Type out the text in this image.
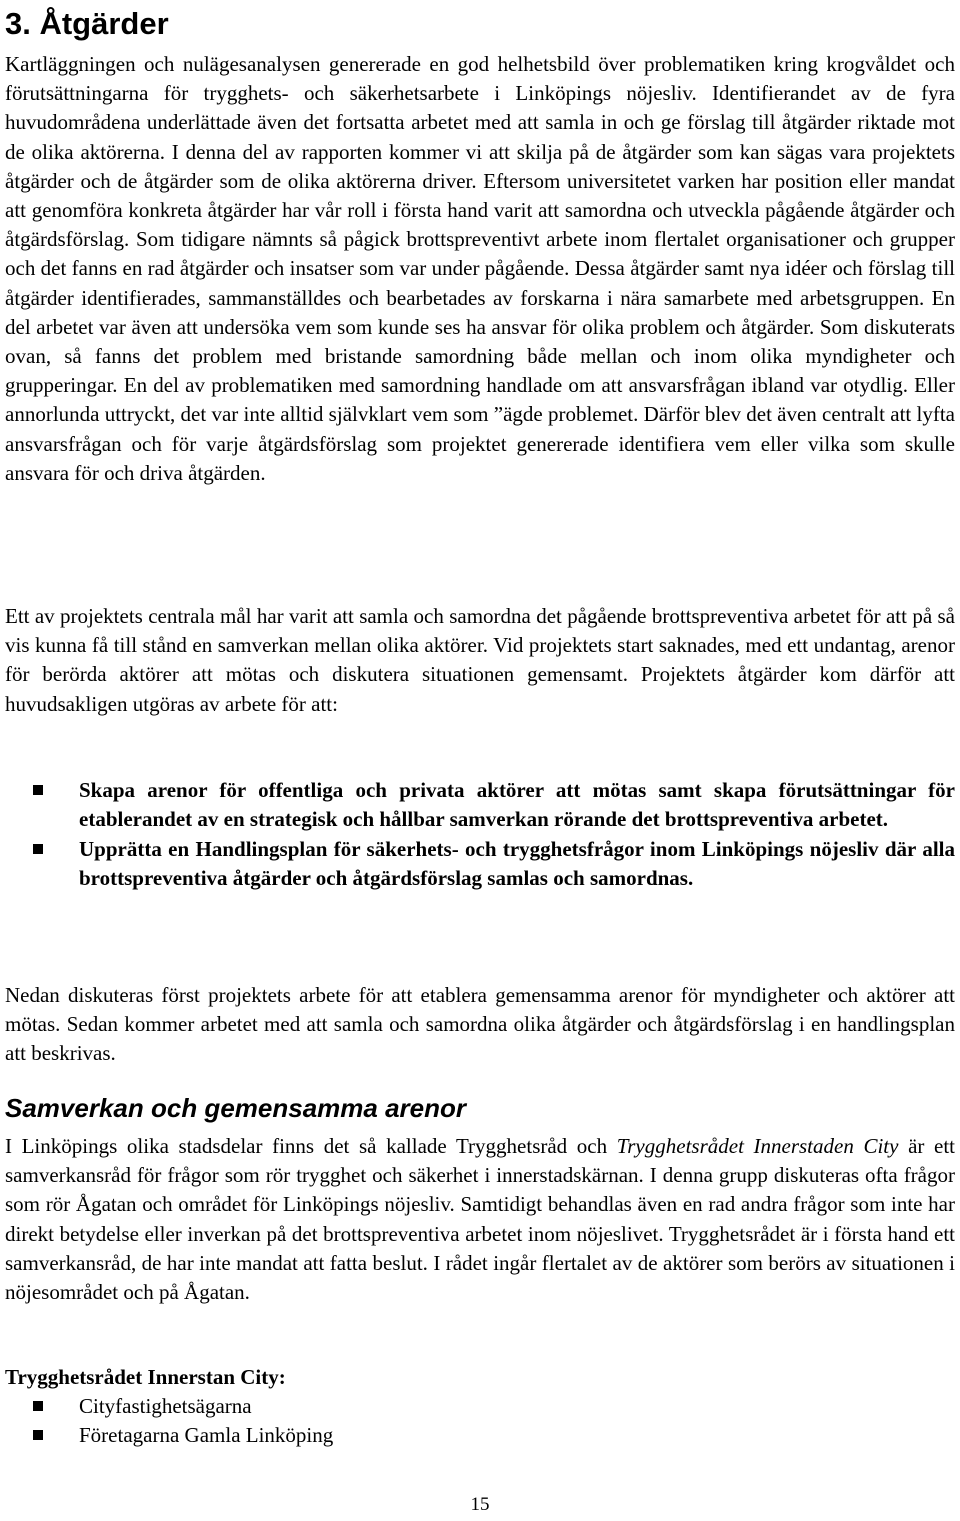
3. Åtgärder

Kartläggningen och nulägesanalysen genererade en god helhetsbild över problematiken kring krogvåldet och förutsättningarna för trygghets- och säkerhetsarbete i Linköpings nöjesliv. Identifierandet av de fyra huvudområdena underlättade även det fortsatta arbetet med att samla in och ge förslag till åtgärder riktade mot de olika aktörerna. I denna del av rapporten kommer vi att skilja på de åtgärder som kan sägas vara projektets åtgärder och de åtgärder som de olika aktörerna driver. Eftersom universitetet varken har position eller mandat att genomföra konkreta åtgärder har vår roll i första hand varit att samordna och utveckla pågående åtgärder och åtgärdsförslag. Som tidigare nämnts så pågick brottspreventivt arbete inom flertalet organisationer och grupper och det fanns en rad åtgärder och insatser som var under pågående. Dessa åtgärder samt nya idéer och förslag till åtgärder identifierades, sammanställdes och bearbetades av forskarna i nära samarbete med arbetsgruppen. En del arbetet var även att undersöka vem som kunde ses ha ansvar för olika problem och åtgärder. Som diskuterats ovan, så fanns det problem med bristande samordning både mellan och inom olika myndigheter och grupperingar. En del av problematiken med samordning handlade om att ansvarsfrågan ibland var otydlig. Eller annorlunda uttryckt, det var inte alltid självklart vem som ”ägde problemet. Därför blev det även centralt att lyfta ansvarsfrågan och för varje åtgärdsförslag som projektet genererade identifiera vem eller vilka som skulle ansvara för och driva åtgärden.

Ett av projektets centrala mål har varit att samla och samordna det pågående brottspreventiva arbetet för att på så vis kunna få till stånd en samverkan mellan olika aktörer. Vid projektets start saknades, med ett undantag, arenor för berörda aktörer att mötas och diskutera situationen gemensamt. Projektets åtgärder kom därför att huvudsakligen utgöras av arbete för att:

Skapa arenor för offentliga och privata aktörer att mötas samt skapa förutsättningar för etablerandet av en strategisk och hållbar samverkan rörande det brottspreventiva arbetet.
Upprätta en Handlingsplan för säkerhets- och trygghetsfrågor inom Linköpings nöjesliv där alla brottspreventiva åtgärder och åtgärdsförslag samlas och samordnas.

Nedan diskuteras först projektets arbete för att etablera gemensamma arenor för myndigheter och aktörer att mötas. Sedan kommer arbetet med att samla och samordna olika åtgärder och åtgärdsförslag i en handlingsplan att beskrivas.

Samverkan och gemensamma arenor

I Linköpings olika stadsdelar finns det så kallade Trygghetsråd och Trygghetsrådet Innerstaden City är ett samverkansråd för frågor som rör trygghet och säkerhet i innerstadskärnan. I denna grupp diskuteras ofta frågor som rör Ågatan och området för Linköpings nöjesliv. Samtidigt behandlas även en rad andra frågor som inte har direkt betydelse eller inverkan på det brottspreventiva arbetet inom nöjeslivet. Trygghetsrådet är i första hand ett samverkansråd, de har inte mandat att fatta beslut. I rådet ingår flertalet av de aktörer som berörs av situationen i nöjesområdet och på Ågatan.

Trygghetsrådet Innerstan City:
Cityfastighetsägarna
Företagarna Gamla Linköping
15
